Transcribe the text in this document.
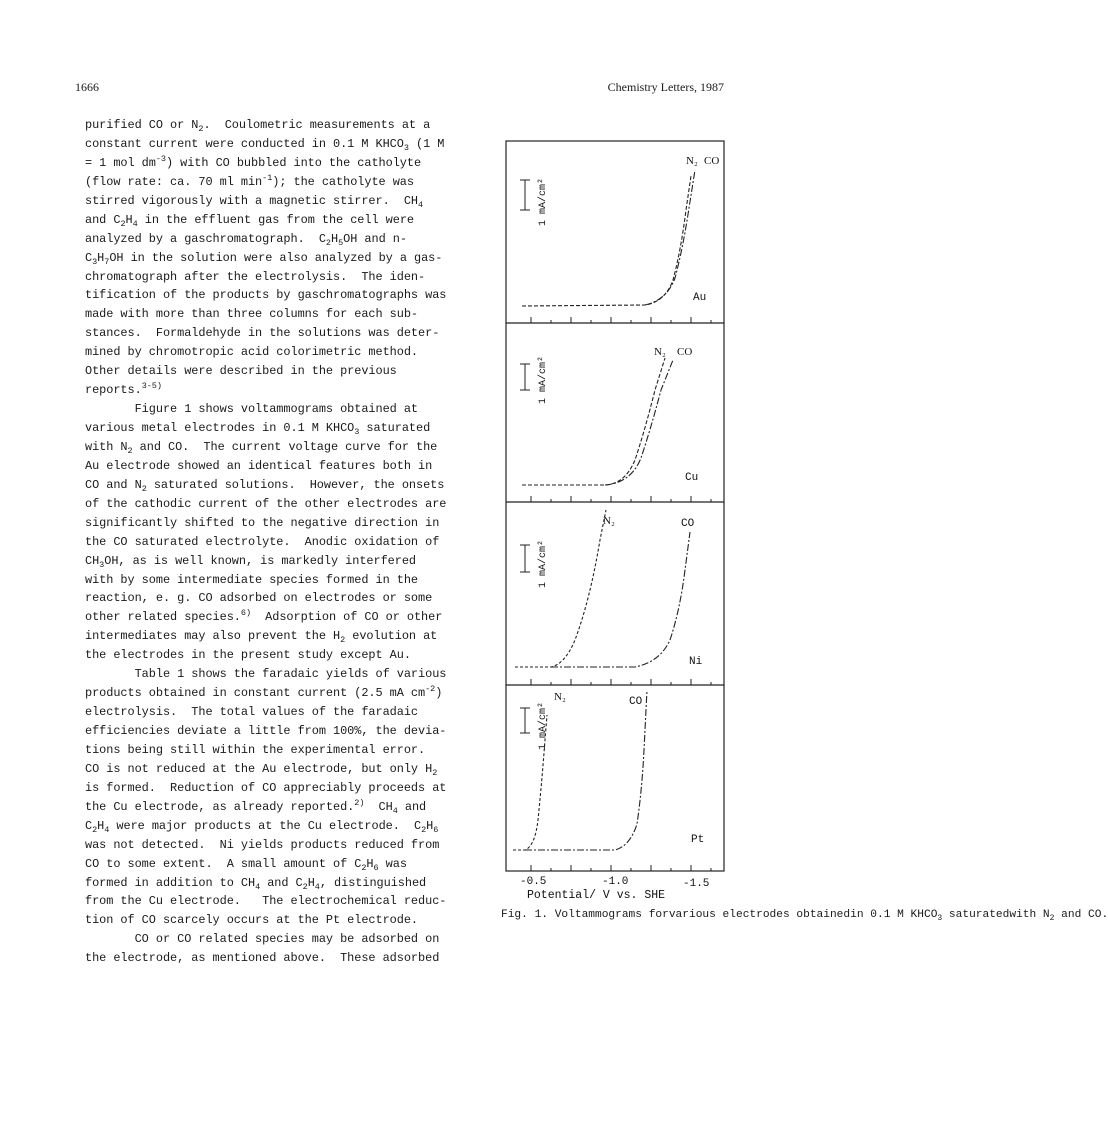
1666	Chemistry Letters, 1987
purified CO or $N_2$.  Coulometric measurements at a
constant current were conducted in 0.1 M $KHCO_3$ (1 M
= 1 mol $dm^{-3}$) with CO bubbled into the catholyte
(flow rate: ca. 70 ml $\min^{-1}$); the catholyte was
stirred vigorously with a magnetic stirrer.  $CH_4$
and $C_2H_4$ in the effluent gas from the cell were
analyzed by a gaschromatograph.  $C_2H_5OH$ and n-
$C_3H_7OH$ in the solution were also analyzed by a gas-
chromatograph after the electrolysis.  The iden-
tification of the products by gaschromatographs was
made with more than three columns for each sub-
stances.  Formaldehyde in the solutions was deter-
mined by chromotropic acid colorimetric method.
Other details were described in the previous
reports.$^{3-5)}$
Figure 1 shows voltammograms obtained at
various metal electrodes in 0.1 M $KHCO_3$ saturated
with $N_2$ and CO.  The current voltage curve for the
Au electrode showed an identical features both in
CO and $N_2$ saturated solutions.  However, the onsets
of the cathodic current of the other electrodes are
significantly shifted to the negative direction in
the CO saturated electrolyte.  Anodic oxidation of
$CH_3OH$, as is well known, is markedly interfered
with by some intermediate species formed in the
reaction, e. g. CO adsorbed on electrodes or some
other related species.$^{6)}$  Adsorption of CO or other
intermediates may also prevent the $H_2$ evolution at
the electrodes in the present study except Au.
Table 1 shows the faradaic yields of various
products obtained in constant current (2.5 mA $cm^{-2}$)
electrolysis.  The total values of the faradaic
efficiencies deviate a little from 100%, the devia-
tions being still within the experimental error.
CO is not reduced at the Au electrode, but only $H_2$
is formed.  Reduction of CO appreciably proceeds at
the Cu electrode, as already reported.$^{2)}$  $CH_4$ and
$C_2H_4$ were major products at the Cu electrode.  $C_2H_6$
was not detected.  Ni yields products reduced from
CO to some extent.  A small amount of $C_2H_6$ was
formed in addition to $CH_4$ and $C_2H_4$, distinguished
from the Cu electrode.   The electrochemical reduc-
tion of CO scarcely occurs at the Pt electrode.
CO or CO related species may be adsorbed on
the electrode, as mentioned above.  These adsorbed
1 mA/cm²
N₂ CO
Au
1 mA/cm²
N₂ CO
Cu
1 mA/cm²
N₂	CO
Ni
1 mA/cm²
N₂	CO
Pt
-0.5	-1.0	-1.5
Potential/ V vs. SHE
Fig. 1. Voltammograms forvarious electrodes obtainedin 0.1 M $KHCO_3$ saturatedwith $N_2$ and CO.
